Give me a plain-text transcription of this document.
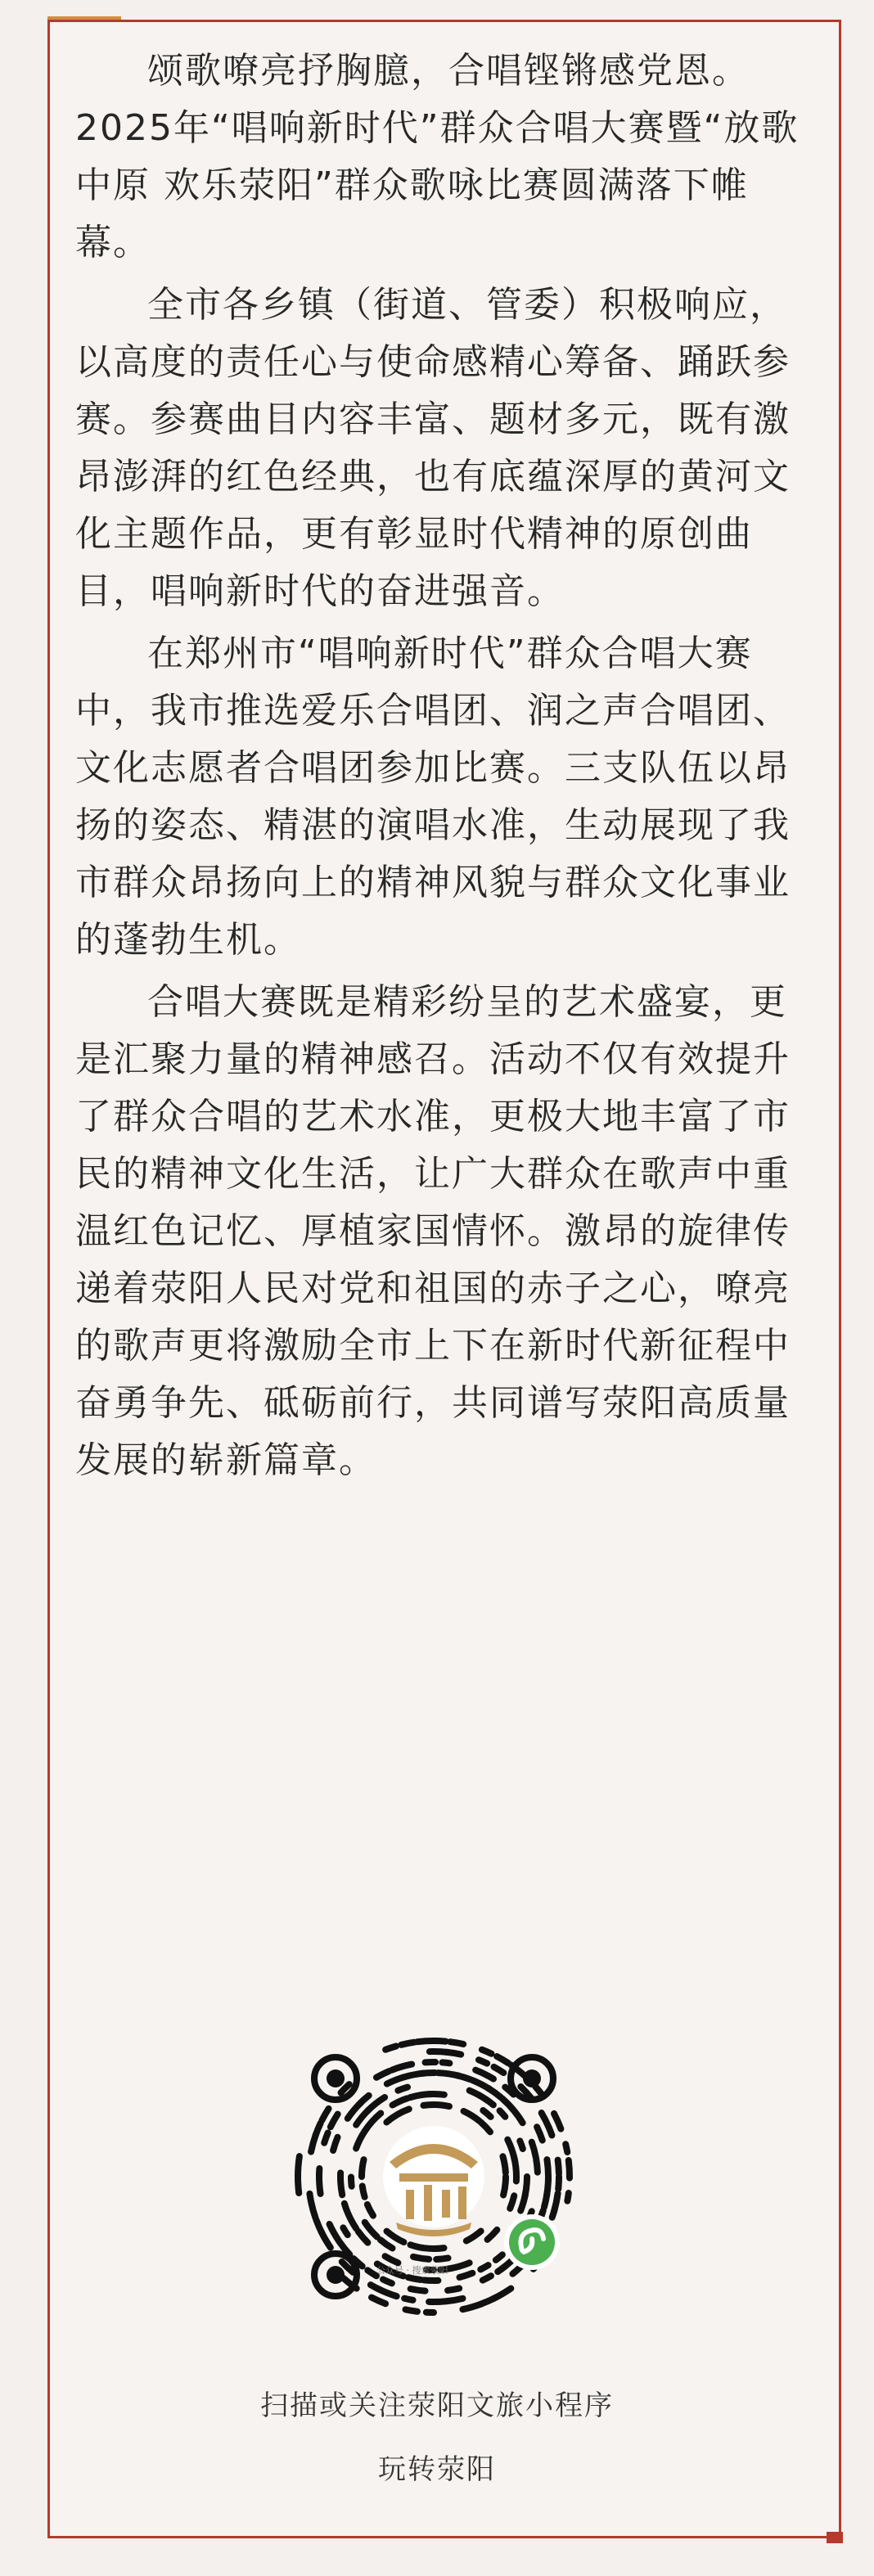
颂歌嘹亮抒胸臆，合唱铿锵感党恩。2025年“唱响新时代”群众合唱大赛暨“放歌中原 欢乐荥阳”群众歌咏比赛圆满落下帷幕。

全市各乡镇（街道、管委）积极响应，以高度的责任心与使命感精心筹备、踊跃参赛。参赛曲目内容丰富、题材多元，既有激昂澎湃的红色经典，也有底蕴深厚的黄河文化主题作品，更有彰显时代精神的原创曲目，唱响新时代的奋进强音。

在郑州市“唱响新时代”群众合唱大赛中，我市推选爱乐合唱团、润之声合唱团、文化志愿者合唱团参加比赛。三支队伍以昂扬的姿态、精湛的演唱水准，生动展现了我市群众昂扬向上的精神风貌与群众文化事业的蓬勃生机。

合唱大赛既是精彩纷呈的艺术盛宴，更是汇聚力量的精神感召。活动不仅有效提升了群众合唱的艺术水准，更极大地丰富了市民的精神文化生活，让广大群众在歌声中重温红色记忆、厚植家国情怀。激昂的旋律传递着荥阳人民对党和祖国的赤子之心，嘹亮的歌声更将激励全市上下在新时代新征程中奋勇争先、砥砺前行，共同谱写荥阳高质量发展的崭新篇章。

公众号 · 搜索荥阳
扫描或关注荥阳文旅小程序
玩转荥阳
